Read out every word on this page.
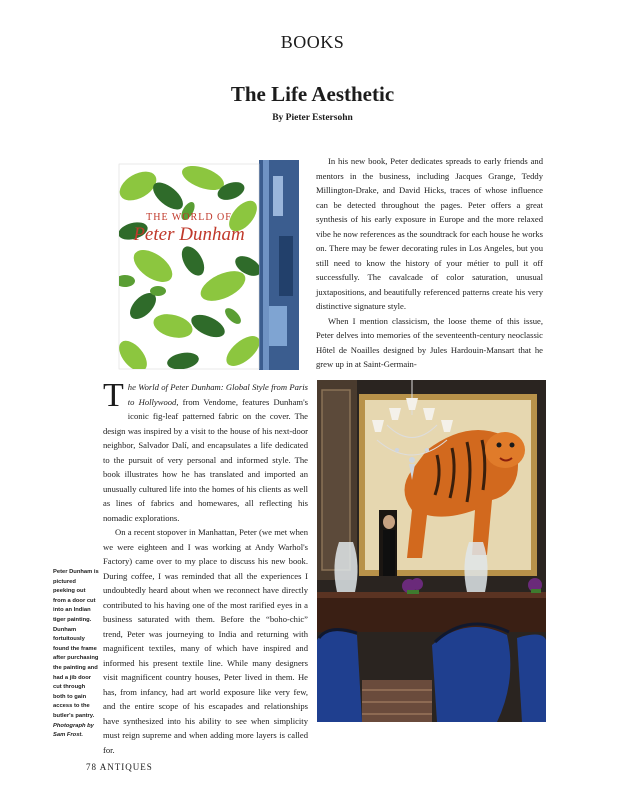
BOOKS
The Life Aesthetic
By Pieter Estersohn
THE WORLD OF
Peter Dunham

In his new book, Peter dedicates spreads to early friends and mentors in the business, including Jacques Grange, Teddy Millington-Drake, and David Hicks, traces of whose influence can be detected throughout the pages. Peter offers a great synthesis of his early exposure in Europe and the more relaxed vibe he now references as the soundtrack for each house he works on. There may be fewer decorating rules in Los Angeles, but you still need to know the history of your métier to pull it off successfully. The cavalcade of color saturation, unusual juxtapositions, and beautifully referenced patterns create his very distinctive signature style.

When I mention classicism, the loose theme of this issue, Peter delves into memories of the seventeenth-century neoclassic Hôtel de Noailles designed by Jules Hardouin-Mansart that he grew up in at Saint-Germain-

The World of Peter Dunham: Global Style from Paris to Hollywood, from Vendome, features Dunham's iconic fig-leaf patterned fabric on the cover. The design was inspired by a visit to the house of his next-door neighbor, Salvador Dalí, and encapsulates a life dedicated to the pursuit of very personal and informed style. The book illustrates how he has translated and imported an unusually cultured life into the homes of his clients as well as lines of fabrics and homewares, all reflecting his nomadic explorations.

On a recent stopover in Manhattan, Peter (we met when we were eighteen and I was working at Andy Warhol's Factory) came over to my place to discuss his new book. During coffee, I was reminded that all the experiences I undoubtedly heard about when we reconnect have directly contributed to his having one of the most rarified eyes in a business saturated with them. Before the “boho-chic” trend, Peter was journeying to India and returning with magnificent textiles, many of which have inspired and informed his present textile line. While many designers visit magnificent country houses, Peter lived in them. He has, from infancy, had art world exposure like very few, and the entire scope of his escapades and relationships have synthesized into his ability to see when simplicity must reign supreme and when adding more layers is called for.

Peter Dunham is pictured peeking out from a door cut into an Indian tiger painting. Dunham fortuitously found the frame after purchasing the painting and had a jib door cut through both to gain access to the butler's pantry. Photograph by Sam Frost.
78 ANTIQUES
